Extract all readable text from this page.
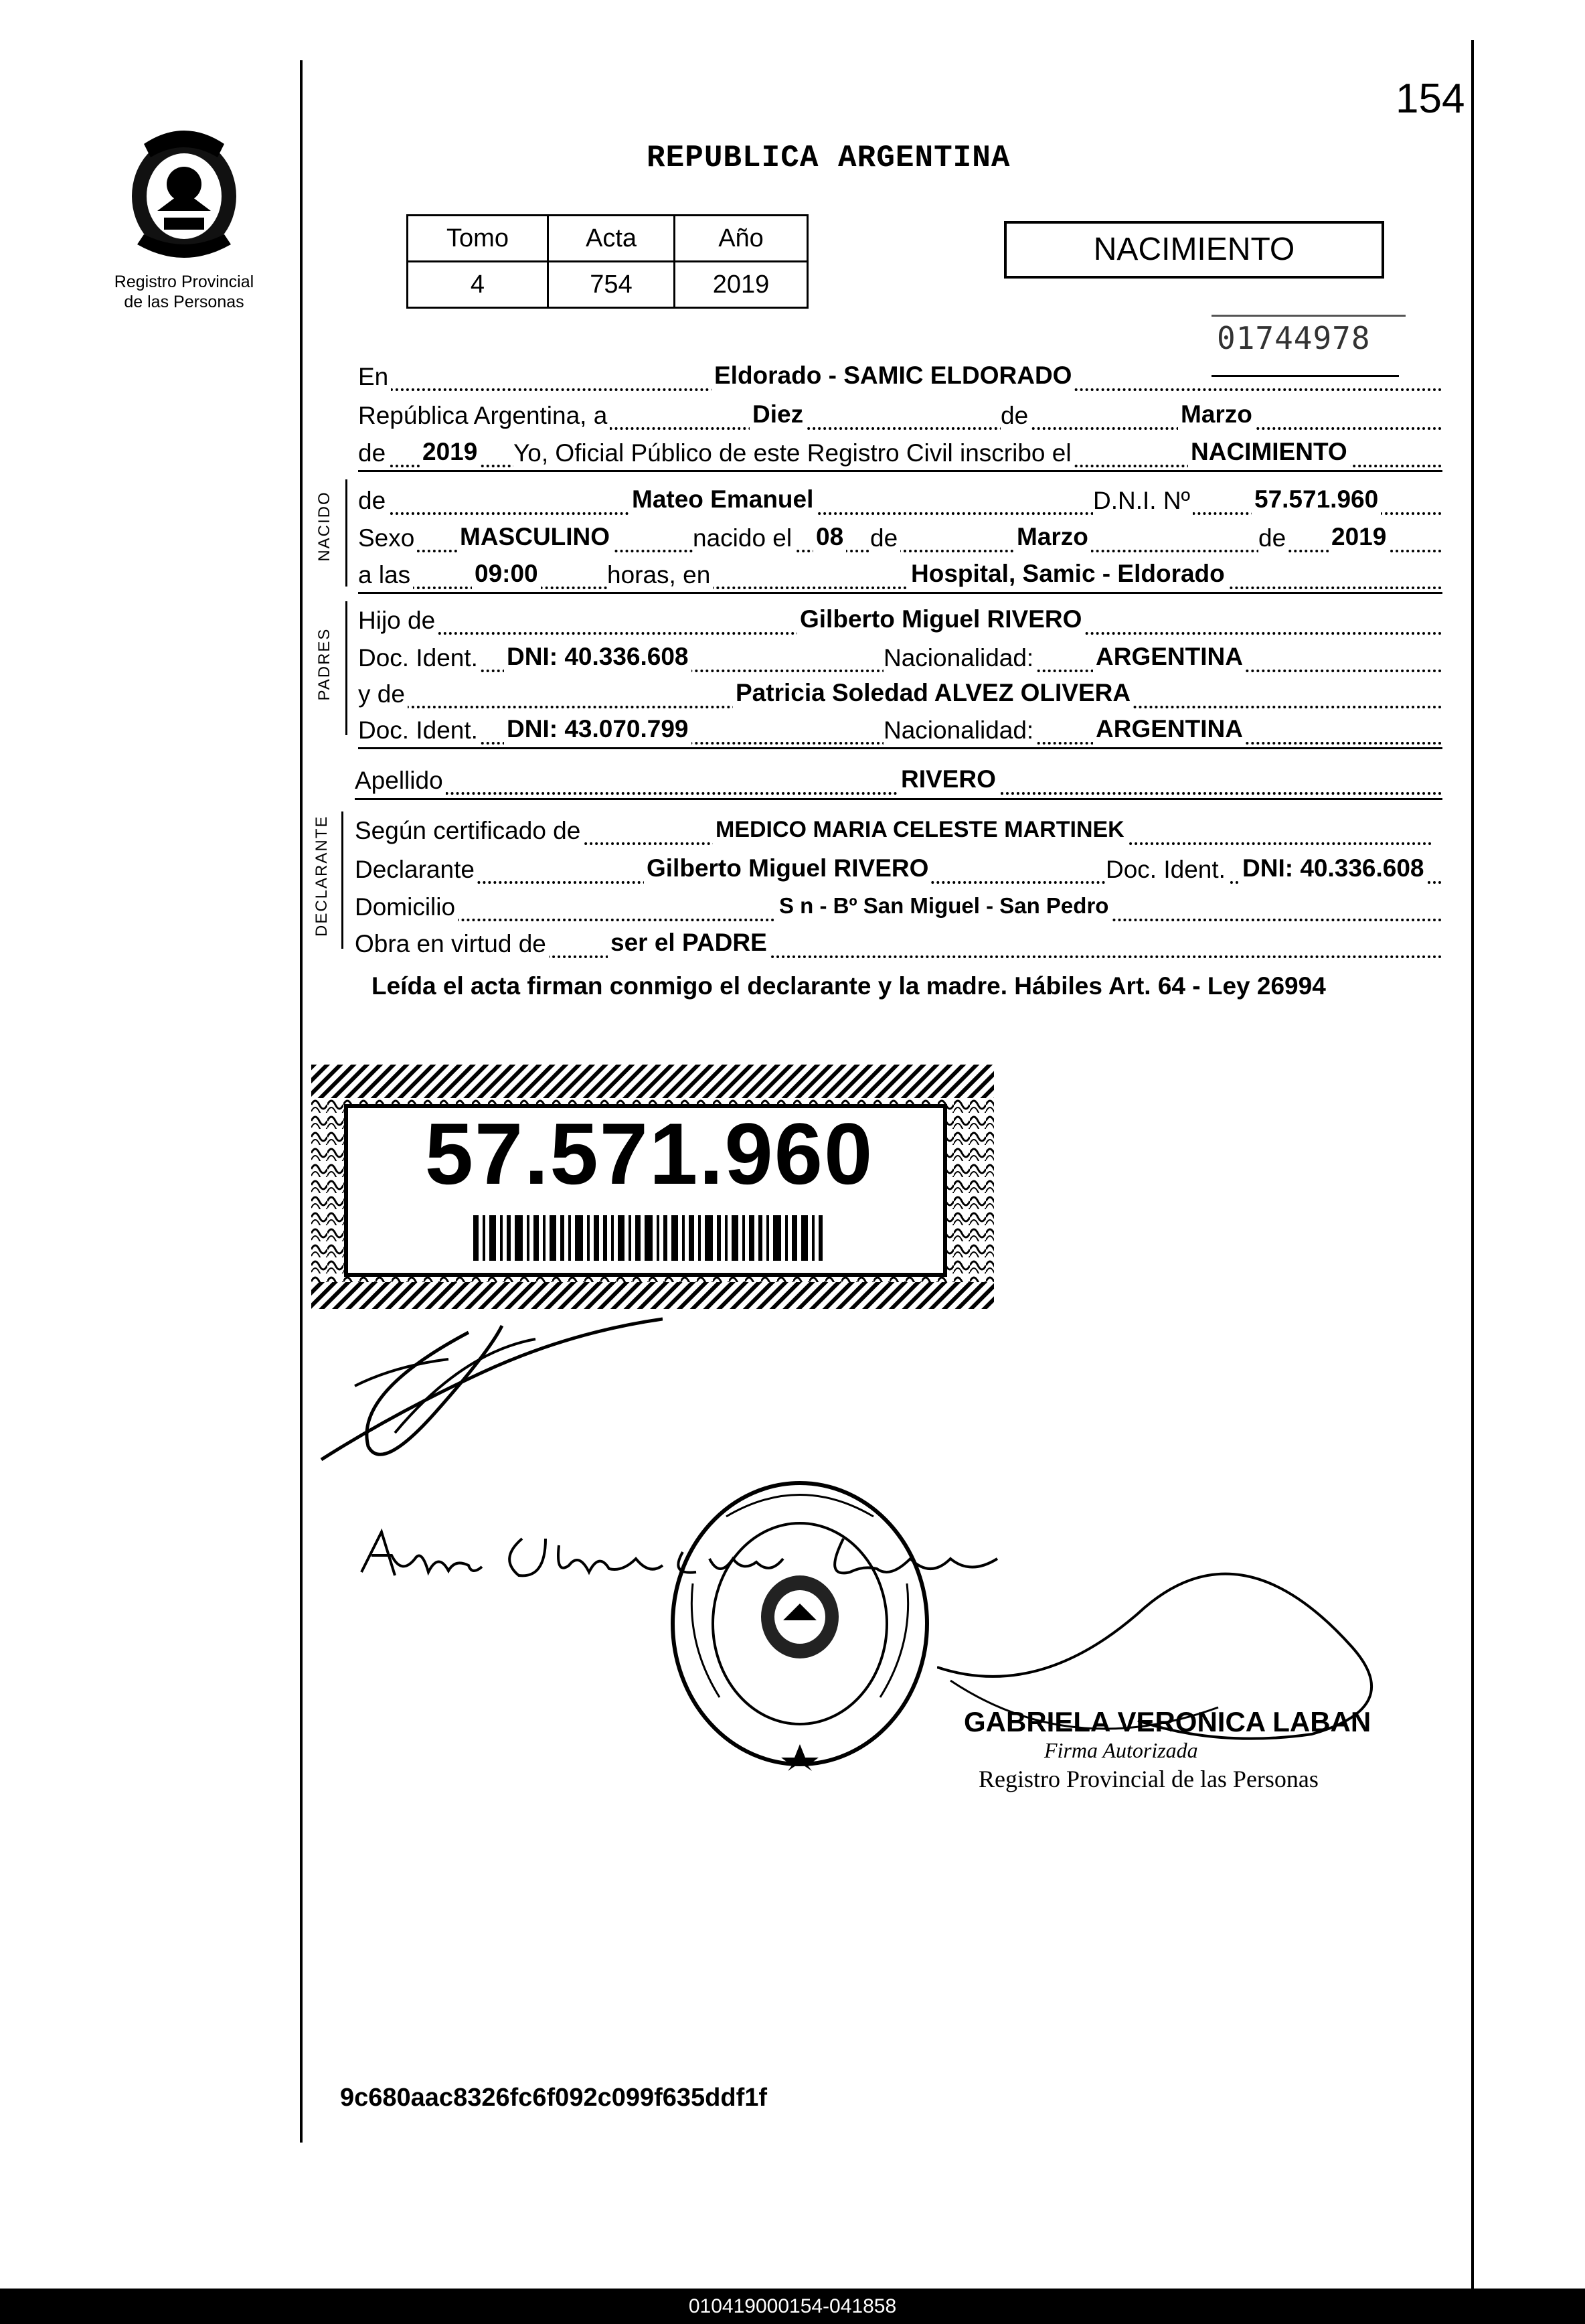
Registro Provincial
de las Personas
154
REPUBLICA ARGENTINA
Tomo	Acta	Año
4	754	2019
NACIMIENTO
01744978
En	Eldorado - SAMIC ELDORADO
República Argentina, a	Diez	de	Marzo
de 2019 Yo, Oficial Público de este Registro Civil inscribo el	NACIMIENTO
NACIDO de	Mateo Emanuel	D.N.I. Nº	57.571.960
Sexo MASCULINO	nacido el 08 de	Marzo	de 2019
a las	09:00	horas, en	Hospital, Samic - Eldorado
PADRES
Hijo de	Gilberto Miguel RIVERO
Doc. Ident. DNI: 40.336.608	Nacionalidad:	ARGENTINA
y de	Patricia Soledad ALVEZ OLIVERA
Doc. Ident. DNI: 43.070.799	Nacionalidad:	ARGENTINA
Apellido	RIVERO
DECLARANTE Según certificado de	MEDICO MARIA CELESTE MARTINEK
Declarante	Gilberto Miguel RIVERO	Doc. Ident. DNI: 40.336.608
Domicilio	S n - Bº San Miguel - San Pedro
Obra en virtud de	ser el PADRE
Leída el acta firman conmigo el declarante y la madre. Hábiles Art. 64 - Ley 26994
57.571.960
GABRIELA VERONICA LABAN
Firma Autorizada
Registro Provincial de las Personas
9c680aac8326fc6f092c099f635ddf1f
010419000154-041858
